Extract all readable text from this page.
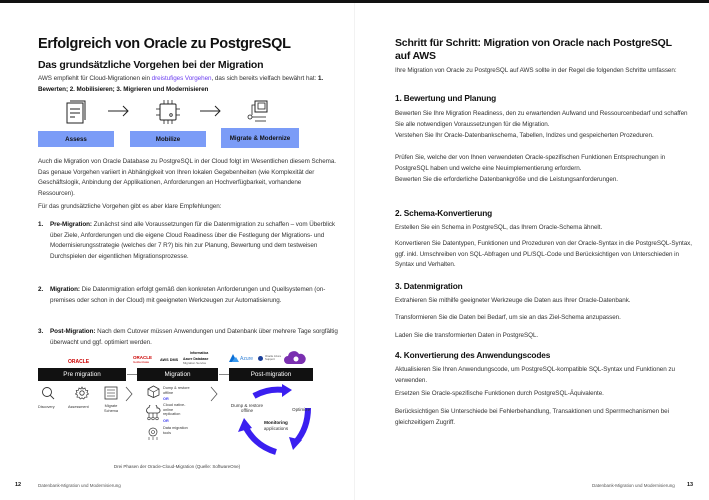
Erfolgreich von Oracle zu PostgreSQL
Das grundsätzliche Vorgehen bei der Migration
AWS empfiehlt für Cloud-Migrationen ein dreistufiges Vorgehen, das sich bereits vielfach bewährt hat: 1. Bewerten; 2. Mobilisieren; 3. Migrieren und Modernisieren
Assess	Mobilize	Migrate & Modernize
Auch die Migration von Oracle Database zu PostgreSQL in der Cloud folgt im Wesentlichen diesem Schema. Das genaue Vorgehen variiert in Abhängigkeit von Ihren lokalen Gegebenheiten (wie Komplexität der Geschäftslogik, Anbindung der Applikationen, Anforderungen an Hochverfügbarkeit, vorhandene Ressourcen).
Für das grundsätzliche Vorgehen gibt es aber klare Empfehlungen:
1. Pre-Migration: Zunächst sind alle Voraussetzungen für die Datenmigration zu schaffen – vom Überblick über Ziele, Anforderungen und die eigene Cloud Readiness über die Festlegung der Migrations- und Modernisierungsstrategie (welches der 7 R?) bis hin zur Planung, Bewertung und dem testweisen Durchspielen der eigentlichen Migrationsprozesse.
2. Migration: Die Datenmigration erfolgt gemäß den konkreten Anforderungen und Quellsystemen (on-premises oder schon in der Cloud) mit geeigneten Werkzeugen zur Automatisierung.
3. Post-Migration: Nach dem Cutover müssen Anwendungen und Datenbank über mehrere Tage sorgfältig überwacht und ggf. optimiert werden.
ORACLE
ORACLE
GoldenGate	AWS DMS
Informatica
Azure Database
Migration Service
Azure	Oracle Azure Support
Pre migration	Migration	Post-migration
Discovery	Assessment	Migrate Schema
Dump & restore offline
OR
Cloud native-online replication
OR
Data migration tools
Dump & restore offline	Optimize
Monitoring
applications
Drei Phasen der Oracle-Cloud-Migration (Quelle: SoftwareOne)
12	Datenbank-Migration und Modernisierung
Schritt für Schritt: Migration von Oracle nach PostgreSQL auf AWS
Ihre Migration von Oracle zu PostgreSQL auf AWS sollte in der Regel die folgenden Schritte umfassen:
1. Bewertung und Planung
Bewerten Sie Ihre Migration Readiness, den zu erwartenden Aufwand und Ressourcenbedarf und schaffen Sie alle notwendigen Voraussetzungen für die Migration.
Verstehen Sie Ihr Oracle-Datenbankschema, Tabellen, Indizes und gespeicherten Prozeduren.
Prüfen Sie, welche der von Ihnen verwendeten Oracle-spezifischen Funktionen Entsprechungen in PostgreSQL haben und welche eine Neuimplementierung erfordern.
Bewerten Sie die erforderliche Datenbankgröße und die Leistungsanforderungen.
2. Schema-Konvertierung
Erstellen Sie ein Schema in PostgreSQL, das Ihrem Oracle-Schema ähnelt.
Konvertieren Sie Datentypen, Funktionen und Prozeduren von der Oracle-Syntax in die PostgreSQL-Syntax, ggf. inkl. Umschreiben von SQL-Abfragen und PL/SQL-Code und Berücksichtigen von Unterschieden in Syntax und Verhalten.
3. Datenmigration
Extrahieren Sie mithilfe geeigneter Werkzeuge die Daten aus Ihrer Oracle-Datenbank.
Transformieren Sie die Daten bei Bedarf, um sie an das Ziel-Schema anzupassen.
Laden Sie die transformierten Daten in PostgreSQL.
4. Konvertierung des Anwendungscodes
Aktualisieren Sie Ihren Anwendungscode, um PostgreSQL-kompatible SQL-Syntax und Funktionen zu verwenden.
Ersetzen Sie Oracle-spezifische Funktionen durch PostgreSQL-Äquivalente.
Berücksichtigen Sie Unterschiede bei Fehlerbehandlung, Transaktionen und Sperrmechanismen bei gleichzeitigem Zugriff.
Datenbank-Migration und Modernisierung 13
